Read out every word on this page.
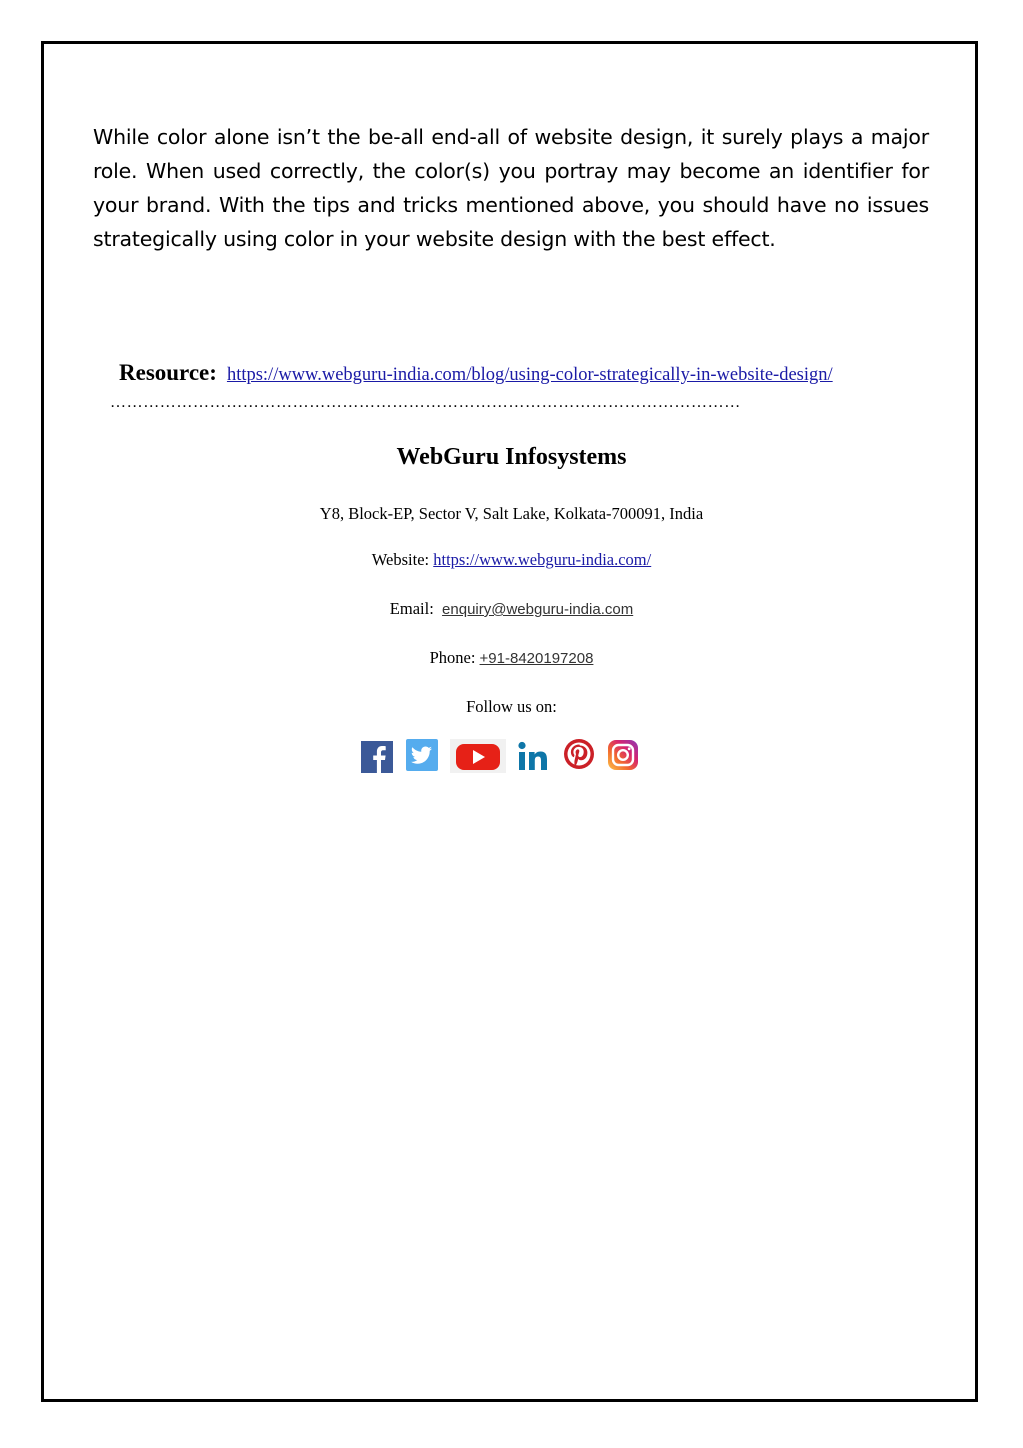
While color alone isn’t the be-all end-all of website design, it surely plays a major role. When used correctly, the color(s) you portray may become an identifier for your brand. With the tips and tricks mentioned above, you should have no issues strategically using color in your website design with the best effect.

Resource: https://www.webguru-india.com/blog/using-color-strategically-in-website-design/
……………………………………………………………………………………………………
WebGuru Infosystems
Y8, Block-EP, Sector V, Salt Lake, Kolkata-700091, India
Website: https://www.webguru-india.com/
Email: enquiry@webguru-india.com
Phone: +91-8420197208
Follow us on:
